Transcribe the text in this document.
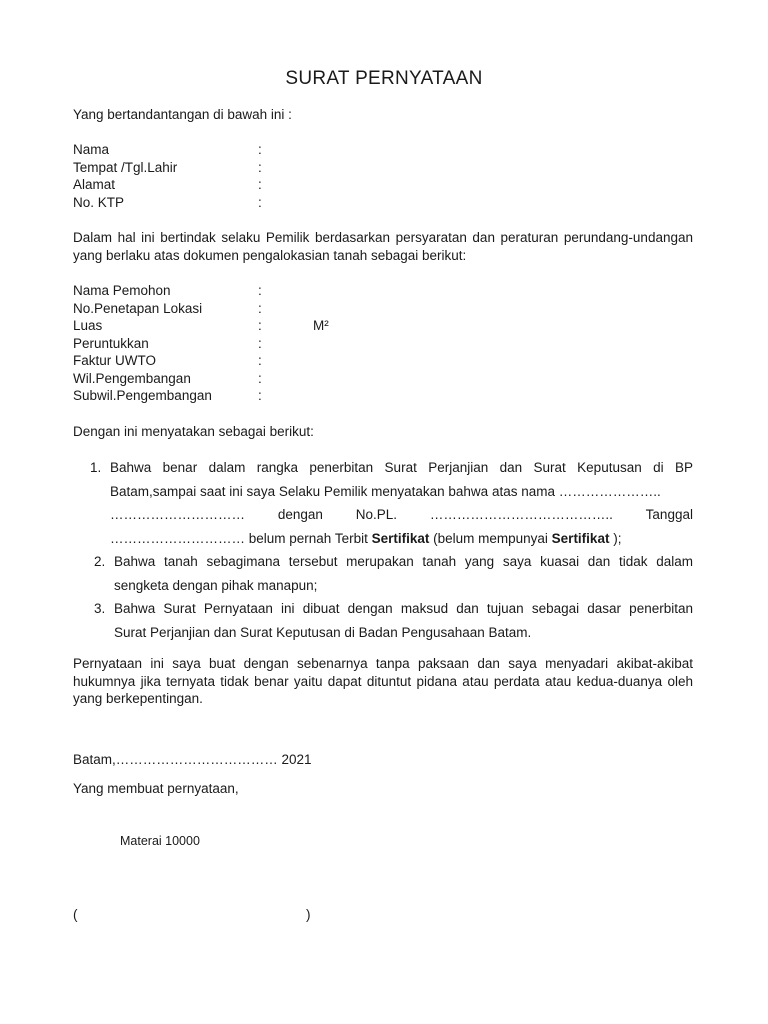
SURAT PERNYATAAN
Yang bertandantangan di bawah ini :
Nama	:
Tempat /Tgl.Lahir	:
Alamat	:
No. KTP	:
Dalam hal ini bertindak selaku Pemilik berdasarkan persyaratan dan peraturan perundang-undangan yang berlaku atas dokumen pengalokasian tanah sebagai berikut:
Nama Pemohon	:
No.Penetapan Lokasi	:
Luas	:	M²
Peruntukkan	:
Faktur UWTO	:
Wil.Pengembangan	:
Subwil.Pengembangan	:
Dengan ini menyatakan sebagai berikut:
1. Bahwa benar dalam rangka penerbitan Surat Perjanjian dan Surat Keputusan di BP Batam,sampai saat ini saya Selaku Pemilik menyatakan bahwa atas nama …………………..
………………………… dengan No.PL. ………………………………….. Tanggal
………………………… belum pernah Terbit Sertifikat (belum mempunyai Sertifikat );
2. Bahwa tanah sebagimana tersebut merupakan tanah yang saya kuasai dan tidak dalam
sengketa dengan pihak manapun;
3. Bahwa Surat Pernyataan ini dibuat dengan maksud dan tujuan sebagai dasar penerbitan
Surat Perjanjian dan Surat Keputusan di Badan Pengusahaan Batam.
Pernyataan ini saya buat dengan sebenarnya tanpa paksaan dan saya menyadari akibat-akibat hukumnya jika ternyata tidak benar yaitu dapat dituntut pidana atau perdata atau kedua-duanya oleh yang berkepentingan.
Batam,……………………………… 2021
Yang membuat pernyataan,
Materai 10000
(	)
